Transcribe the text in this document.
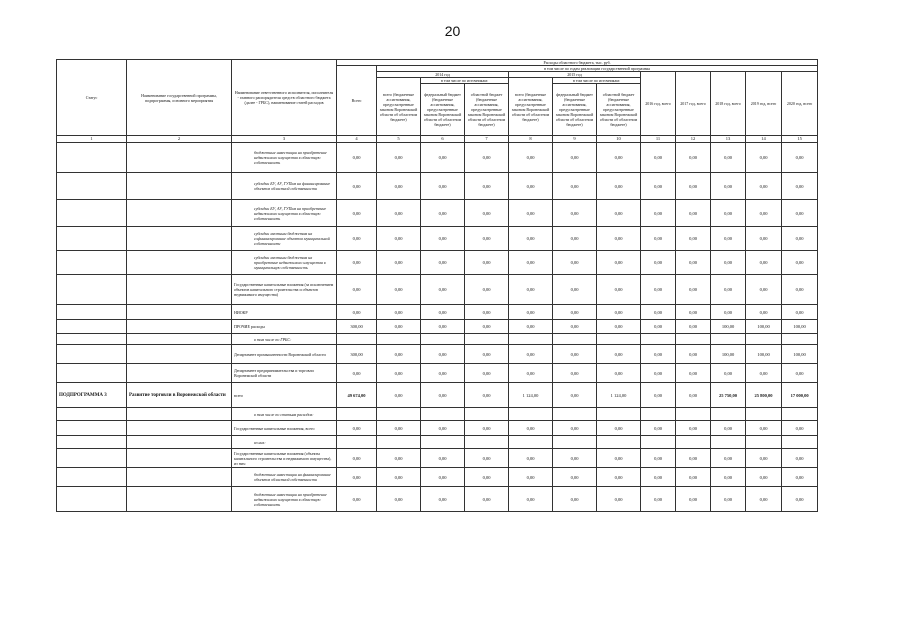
20
Статус	Наименование государственной программы, подпрограммы, основного мероприятия	Наименование ответственного исполнителя, исполнителя - главного распорядителя средств областного бюджета (далее - ГРБС), наименование статей расходов	Расходы областного бюджета, тыс. руб.											
			Всего	в том числе по годам реализации государственной программы										
				2014 год			2015 год			2016 год, всего	2017 год, всего	2018 год, всего	2019 год, всего	2020 год, всего
				всего (бюджетные ассигнования, предусмотренные законом Воронежской области об областном бюджете)	в том числе по источникам:		всего (бюджетные ассигнования, предусмотренные законом Воронежской области об областном бюджете)	в том числе по источникам:						
					федеральный бюджет (бюджетные ассигнования, предусмотренные законом Воронежской области об областном бюджете)	областной бюджет (бюджетные ассигнования, предусмотренные законом Воронежской области об областном бюджете)		федеральный бюджет (бюджетные ассигнования, предусмотренные законом Воронежской области об областном бюджете)	областной бюджет (бюджетные ассигнования, предусмотренные законом Воронежской области об областном бюджете)					
1	2	3	4	5	6	7	8	9	10	11	12	13	14	15
		бюджетные инвестиции на приобретение недвижимого имущества в областную собственность	0,00	0,00	0,00	0,00	0,00	0,00	0,00	0,00	0,00	0,00	0,00	0,00
		субсидии БУ, АУ, ГУПам на финансирование объектов областной собственности	0,00	0,00	0,00	0,00	0,00	0,00	0,00	0,00	0,00	0,00	0,00	0,00
		субсидии БУ, АУ, ГУПам на приобретение недвижимого имущества в областную собственность	0,00	0,00	0,00	0,00	0,00	0,00	0,00	0,00	0,00	0,00	0,00	0,00
		субсидии местным бюджетам на софинансирование объектов муниципальной собственности	0,00	0,00	0,00	0,00	0,00	0,00	0,00	0,00	0,00	0,00	0,00	0,00
		субсидии местным бюджетам на приобретение недвижимого имущества в муниципальную собственность	0,00	0,00	0,00	0,00	0,00	0,00	0,00	0,00	0,00	0,00	0,00	0,00
		Государственные капитальные вложения (за исключением объектов капитального строительства и объектов недвижимого имущества)	0,00	0,00	0,00	0,00	0,00	0,00	0,00	0,00	0,00	0,00	0,00	0,00
		НИОКР	0,00	0,00	0,00	0,00	0,00	0,00	0,00	0,00	0,00	0,00	0,00	0,00
		ПРОЧИЕ расходы	300,00	0,00	0,00	0,00	0,00	0,00	0,00	0,00	0,00	100,00	100,00	100,00
		в том числе по ГРБС:												
		Департамент промышленности Воронежской области	300,00	0,00	0,00	0,00	0,00	0,00	0,00	0,00	0,00	100,00	100,00	100,00
		Департамент предпринимательства и торговли Воронежской области	0,00	0,00	0,00	0,00	0,00	0,00	0,00	0,00	0,00	0,00	0,00	0,00
ПОДПРОГРАММА 3	Развитие торговли в Воронежской области	всего	49 674,00	0,00	0,00	0,00	1 124,00	0,00	1 124,00	0,00	0,00	25 750,00	25 800,00	17 000,00
		в том числе по статьям расходов:												
		Государственные капитальные вложения, всего	0,00	0,00	0,00	0,00	0,00	0,00	0,00	0,00	0,00	0,00	0,00	0,00
		из них:												
		Государственные капитальные вложения (объекты капитального строительства и недвижимого имущества), из них:	0,00	0,00	0,00	0,00	0,00	0,00	0,00	0,00	0,00	0,00	0,00	0,00
		бюджетные инвестиции на финансирование объектов областной собственности	0,00	0,00	0,00	0,00	0,00	0,00	0,00	0,00	0,00	0,00	0,00	0,00
		бюджетные инвестиции на приобретение недвижимого имущества в областную собственность	0,00	0,00	0,00	0,00	0,00	0,00	0,00	0,00	0,00	0,00	0,00	0,00
